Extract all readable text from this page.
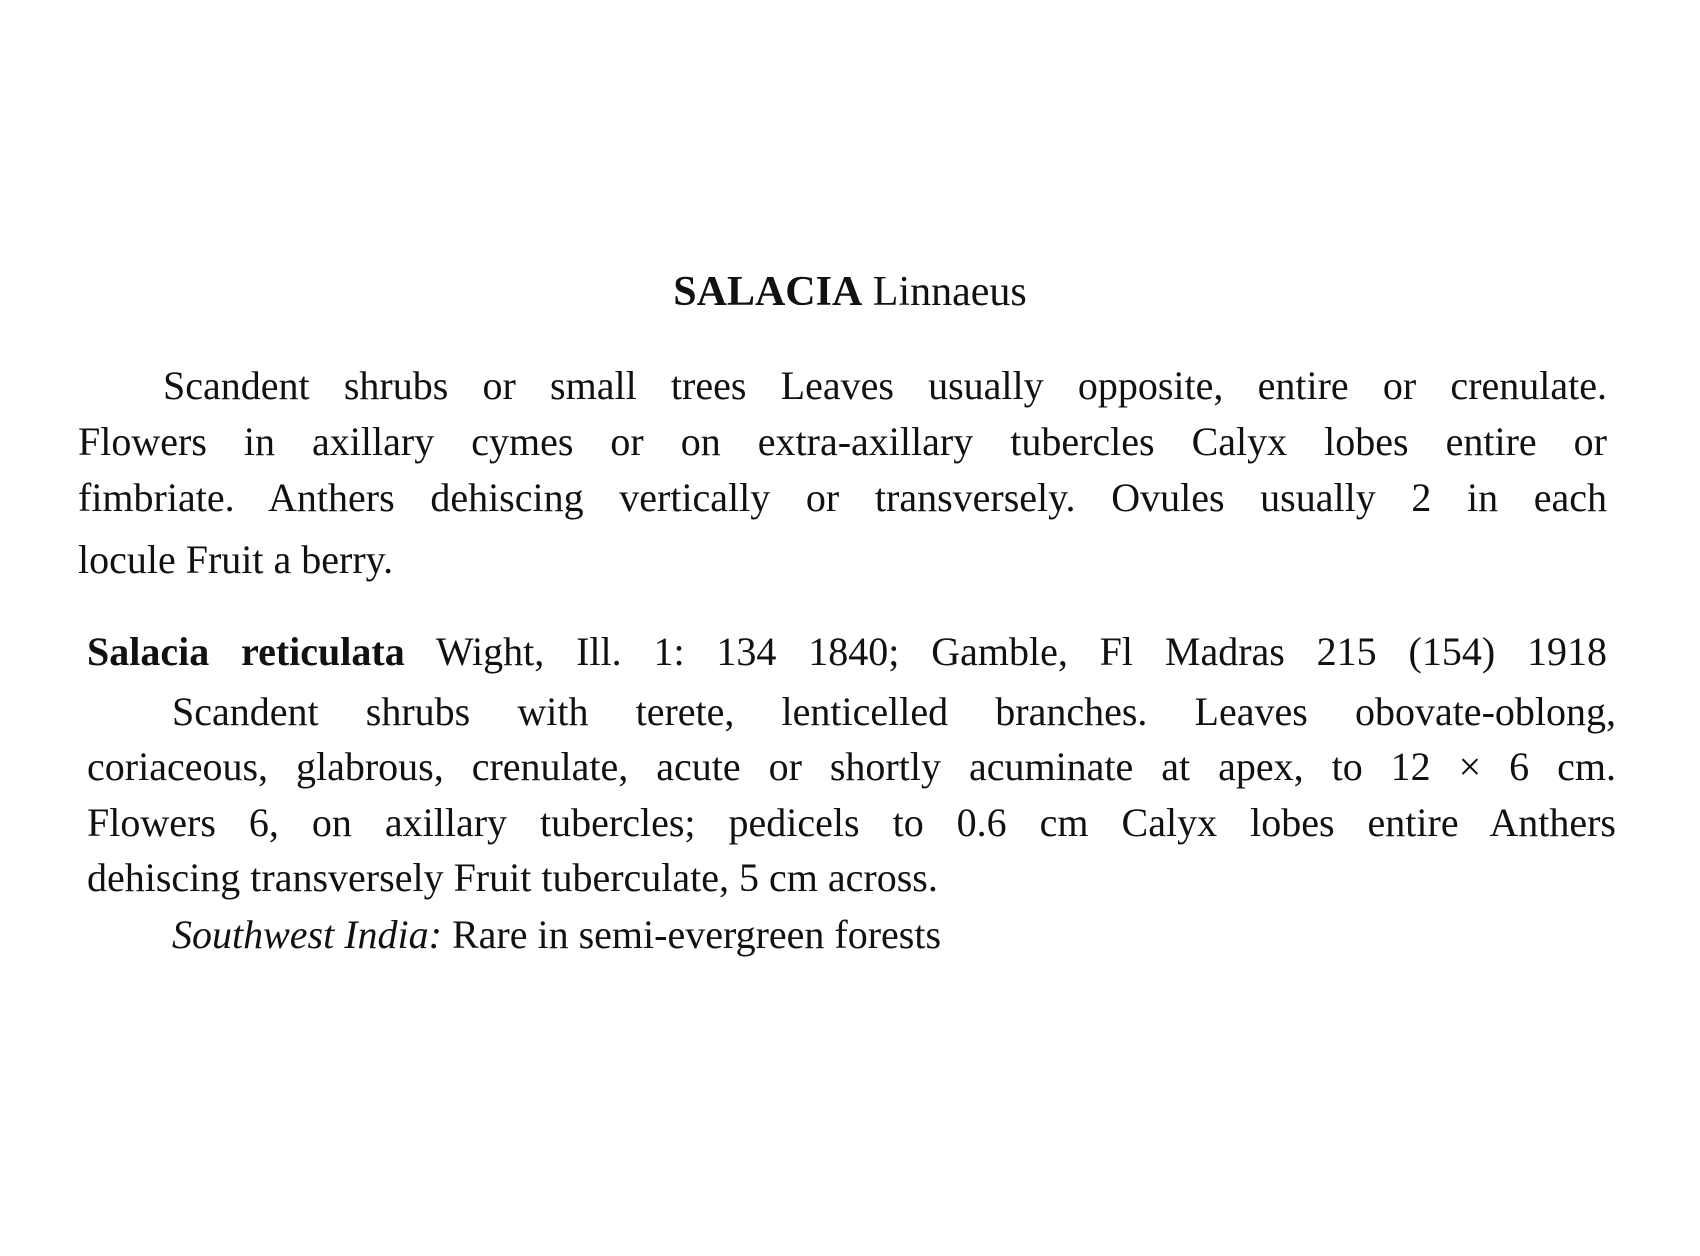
SALACIA Linnaeus
Scandent shrubs or small trees Leaves usually opposite, entire or crenulate.
Flowers in axillary cymes or on extra-axillary tubercles Calyx lobes entire or
fimbriate. Anthers dehiscing vertically or transversely. Ovules usually 2 in each
locule Fruit a berry.
Salacia reticulata Wight, Ill. 1: 134 1840; Gamble, Fl Madras 215 (154) 1918
Scandent shrubs with terete, lenticelled branches. Leaves obovate-oblong,
coriaceous, glabrous, crenulate, acute or shortly acuminate at apex, to 12 × 6 cm.
Flowers 6, on axillary tubercles; pedicels to 0.6 cm Calyx lobes entire Anthers
dehiscing transversely Fruit tuberculate, 5 cm across.
Southwest India: Rare in semi-evergreen forests
